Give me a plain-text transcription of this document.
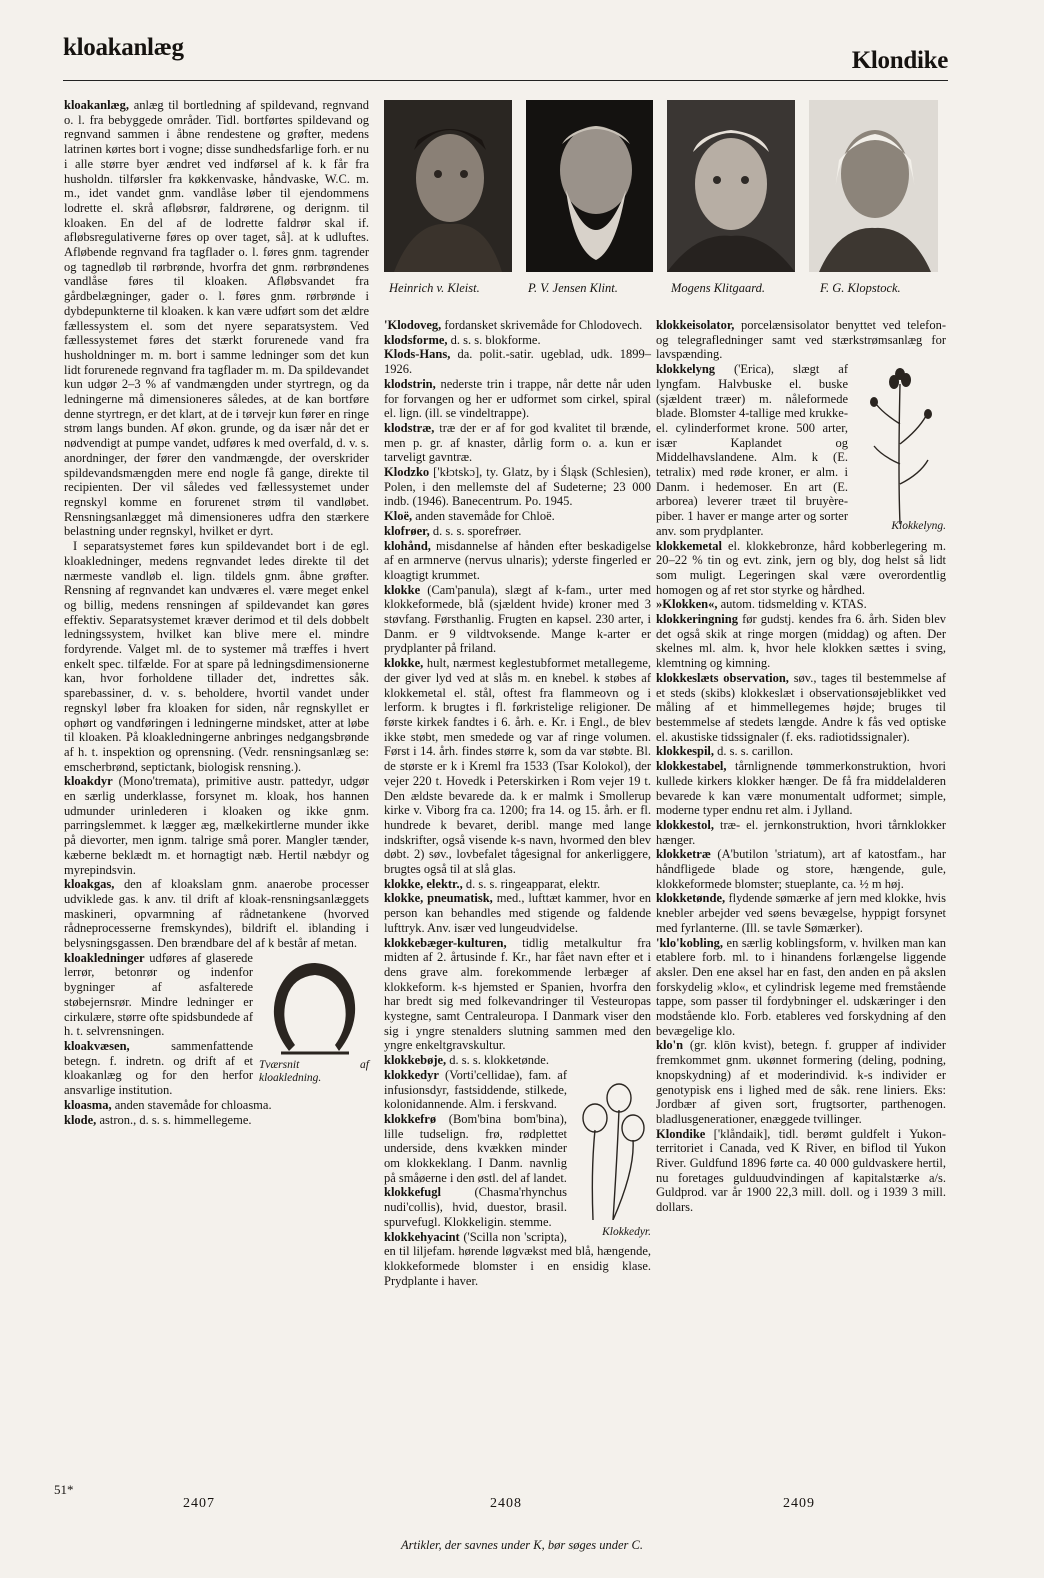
kloakanlæg	Klondike
Heinrich v. Kleist.	P. V. Jensen Klint.	Mogens Klitgaard.	F. G. Klopstock.

kloakanlæg, anlæg til bortledning af spildevand, regnvand o. l. fra bebyggede områder. Tidl. bortførtes spildevand og regnvand sammen i åbne rendestene og grøfter, medens latrinen kørtes bort i vogne; disse sundhedsfarlige forh. er nu i alle større byer ændret ved indførsel af k. k får fra husholdn. tilførsler fra køkkenvaske, håndvaske, W.C. m. m., idet vandet gnm. vandlåse løber til ejendommens lodrette el. skrå afløbsrør, faldrørene, og derignm. til kloaken. En del af de lodrette faldrør skal if. afløbsregulativerne føres op over taget, så]. at k udluftes. Afløbende regnvand fra tagflader o. l. føres gnm. tagrender og tagnedløb til rørbrønde, hvorfra det gnm. rørbrøndenes vandlåse føres til kloaken. Afløbsvandet fra gårdbelægninger, gader o. l. føres gnm. rørbrønde i dybdepunkterne til kloaken. k kan være udført som det ældre fællessystem el. som det nyere separatsystem. Ved fællessystemet føres det stærkt forurenede vand fra husholdninger m. m. bort i samme ledninger som det kun lidt forurenede regnvand fra tagflader m. m. Da spildevandet kun udgør 2–3 % af vandmængden under styrtregn, og da ledningerne må dimensioneres således, at de kan bortføre denne styrtregn, er det klart, at de i tørvejr kun fører en ringe strøm langs bunden. Af økon. grunde, og da især når det er nødvendigt at pumpe vandet, udføres k med overfald, d. v. s. anordninger, der fører den vandmængde, der overskrider spildevandsmængden mere end nogle få gange, direkte til recipienten. Der vil således ved fællessystemet under regnskyl komme en forurenet strøm til vandløbet. Rensningsanlægget må dimensioneres udfra den stærkere belastning under regnskyl, hvilket er dyrt.

I separatsystemet føres kun spildevandet bort i de egl. kloakledninger, medens regnvandet ledes direkte til det nærmeste vandløb el. lign. tildels gnm. åbne grøfter. Rensning af regnvandet kan undværes el. være meget enkel og billig, medens rensningen af spildevandet kan gøres effektiv. Separatsystemet kræver derimod et til dels dobbelt ledningssystem, hvilket kan blive mere el. mindre fordyrende. Valget ml. de to systemer må træffes i hvert enkelt spec. tilfælde. For at spare på ledningsdimensionerne kan, hvor forholdene tillader det, indrettes såk. sparebassiner, d. v. s. beholdere, hvortil vandet under regnskyl løber fra kloaken for siden, når regnskyllet er ophørt og vandføringen i ledningerne mindsket, atter at løbe til kloaken. På kloakledningerne anbringes nedgangsbrønde af h. t. inspektion og oprensning. (Vedr. rensningsanlæg se: emscherbrønd, septictank, biologisk rensning.).

kloakdyr (Mono'tremata), primitive austr. pattedyr, udgør en særlig underklasse, forsynet m. kloak, hos hannen udmunder urinlederen i kloaken og ikke gnm. parringslemmet. k lægger æg, mælkekirtlerne munder ikke på dievorter, men ignm. talrige små porer. Mangler tænder, kæberne beklædt m. et hornagtigt næb. Hertil næbdyr og myrepindsvin.

kloakgas, den af kloakslam gnm. anaerobe processer udviklede gas. k anv. til drift af kloak-rensningsanlæggets maskineri, opvarmning af rådnetankene (hvorved rådneprocesserne fremskyndes), bildrift el. iblanding i belysningsgassen. Den brændbare del af k består af metan.

Tværsnit af kloakledning.

kloakledninger udføres af glaserede lerrør, betonrør og indenfor bygninger af asfalterede støbejernsrør. Mindre ledninger er cirkulære, større ofte spidsbundede af h. t. selvrensningen.

kloakvæsen, sammenfattende betegn. f. indretn. og drift af et kloakanlæg og for den herfor ansvarlige institution.

kloasma, anden stavemåde for chloasma.

klode, astron., d. s. s. himmellegeme.

'Klodoveg, fordansket skrivemåde for Chlodovech.

klodsforme, d. s. s. blokforme.

Klods-Hans, da. polit.-satir. ugeblad, udk. 1899–1926.

klodstrin, nederste trin i trappe, når dette når uden for forvangen og her er udformet som cirkel, spiral el. lign. (ill. se vindeltrappe).

klodstræ, træ der er af for god kvalitet til brænde, men p. gr. af knaster, dårlig form o. a. kun er tarveligt gavntræ.

Klodzko ['kłɔtskɔ], ty. Glatz, by i Śląsk (Schlesien), Polen, i den mellemste del af Sudeterne; 23 000 indb. (1946). Banecentrum. Po. 1945.

Kloë, anden stavemåde for Chloë.

klofrøer, d. s. s. sporefrøer.

klohånd, misdannelse af hånden efter beskadigelse af en armnerve (nervus ulnaris); yderste fingerled er kloagtigt krummet.

klokke (Cam'panula), slægt af k-fam., urter med klokkeformede, blå (sjældent hvide) kroner med 3 støvfang. Førsthanlig. Frugten en kapsel. 230 arter, i Danm. er 9 vildtvoksende. Mange k-arter er prydplanter på friland.

klokke, hult, nærmest keglestubformet metallegeme, der giver lyd ved at slås m. en knebel. k støbes af klokkemetal el. stål, oftest fra flammeovn og i lerform. k brugtes i fl. førkristelige religioner. De første kirkek fandtes i 6. årh. e. Kr. i Engl., de blev ikke støbt, men smedede og var af ringe volumen. Først i 14. årh. findes større k, som da var støbte. Bl. de største er k i Kreml fra 1533 (Tsar Kolokol), der vejer 220 t. Hovedk i Peterskirken i Rom vejer 19 t. Den ældste bevarede da. k er malmk i Smollerup kirke v. Viborg fra ca. 1200; fra 14. og 15. årh. er fl. hundrede k bevaret, deribl. mange med lange indskrifter, også visende k-s navn, hvormed den blev døbt. 2) søv., lovbefalet tågesignal for ankerliggere, brugtes også til at slå glas.

klokke, elektr., d. s. s. ringeapparat, elektr.

klokke, pneumatisk, med., lufttæt kammer, hvor en person kan behandles med stigende og faldende lufttryk. Anv. især ved lungeudvidelse.

klokkebæger-kulturen, tidlig metalkultur fra midten af 2. årtusinde f. Kr., har fået navn efter et i dens grave alm. forekommende lerbæger af klokkeform. k-s hjemsted er Spanien, hvorfra den har bredt sig med folkevandringer til Vesteuropas kystegne, samt Centraleuropa. I Danmark viser den sig i yngre stenalders slutning sammen med den yngre enkeltgravskultur.

klokkebøje, d. s. s. klokketønde.

Klokkedyr.

klokkedyr (Vorti'cellidae), fam. af infusionsdyr, fastsiddende, stilkede, kolonidannende. Alm. i ferskvand.

klokkefrø (Bom'bina bom'bina), lille tudselign. frø, rødplettet underside, dens kvækken minder om klokkeklang. I Danm. navnlig på småøerne i den østl. del af landet.

klokkefugl (Chasma'rhynchus nudi'collis), hvid, duestor, brasil. spurvefugl. Klokkeligin. stemme.

klokkehyacint ('Scilla non 'scripta), en til liljefam. hørende løgvækst med blå, hængende, klokkeformede blomster i en ensidig klase. Prydplante i haver.

klokkeisolator, porcelænsisolator benyttet ved telefon- og telegrafledninger samt ved stærkstrømsanlæg for lavspænding.

Klokkelyng.

klokkelyng ('Erica), slægt af lyngfam. Halvbuske el. buske (sjældent træer) m. nåleformede blade. Blomster 4-tallige med krukke- el. cylinderformet krone. 500 arter, især Kaplandet og Middelhavslandene. Alm. k (E. tetralix) med røde kroner, er alm. i Danm. i hedemoser. En art (E. arborea) leverer træet til bruyère-piber. 1 haver er mange arter og sorter anv. som prydplanter.

klokkemetal el. klokkebronze, hård kobberlegering m. 20–22 % tin og evt. zink, jern og bly, dog helst så lidt som muligt. Legeringen skal være overordentlig homogen og af ret stor styrke og hårdhed.

»Klokken«, autom. tidsmelding v. KTAS.

klokkeringning før gudstj. kendes fra 6. årh. Siden blev det også skik at ringe morgen (middag) og aften. Der skelnes ml. alm. k, hvor hele klokken sættes i sving, klemtning og kimning.

klokkeslæts observation, søv., tages til bestemmelse af et steds (skibs) klokkeslæt i observationsøjeblikket ved måling af et himmellegemes højde; bruges til bestemmelse af stedets længde. Andre k fås ved optiske el. akustiske tidssignaler (f. eks. radiotidssignaler).

klokkespil, d. s. s. carillon.

klokkestabel, tårnlignende tømmerkonstruktion, hvori kullede kirkers klokker hænger. De få fra middelalderen bevarede k kan være monumentalt udformet; simple, moderne typer endnu ret alm. i Jylland.

klokkestol, træ- el. jernkonstruktion, hvori tårnklokker hænger.

klokketræ (A'butilon 'striatum), art af katostfam., har håndfligede blade og store, hængende, gule, klokkeformede blomster; stueplante, ca. ½ m høj.

klokketønde, flydende sømærke af jern med klokke, hvis knebler arbejder ved søens bevægelse, hyppigt forsynet med fyrlanterne. (Ill. se tavle Sømærker).

'klo'kobling, en særlig koblingsform, v. hvilken man kan etablere forb. ml. to i hinandens forlængelse liggende aksler. Den ene aksel har en fast, den anden en på akslen forskydelig »klo«, et cylindrisk legeme med fremstående tappe, som passer til fordybninger el. udskæringer i den modstående klo. Forb. etableres ved forskydning af den bevægelige klo.

klo'n (gr. klōn kvist), betegn. f. grupper af individer fremkommet gnm. ukønnet formering (deling, podning, knopskydning) af et moderindivid. k-s individer er genotypisk ens i lighed med de såk. rene liniers. Eks: Jordbær af given sort, frugtsorter, parthenogen. bladlusgenerationer, enæggede tvillinger.

Klondike ['klåndaik], tidl. berømt guldfelt i Yukon-territoriet i Canada, ved K River, en biflod til Yukon River. Guldfund 1896 førte ca. 40 000 guldvaskere hertil, nu foretages gulduudvindingen af kapitalstærke a/s. Guldprod. var år 1900 22,3 mill. doll. og i 1939 3 mill. dollars.

51*
2407	2408	2409
Artikler, der savnes under K, bør søges under C.
